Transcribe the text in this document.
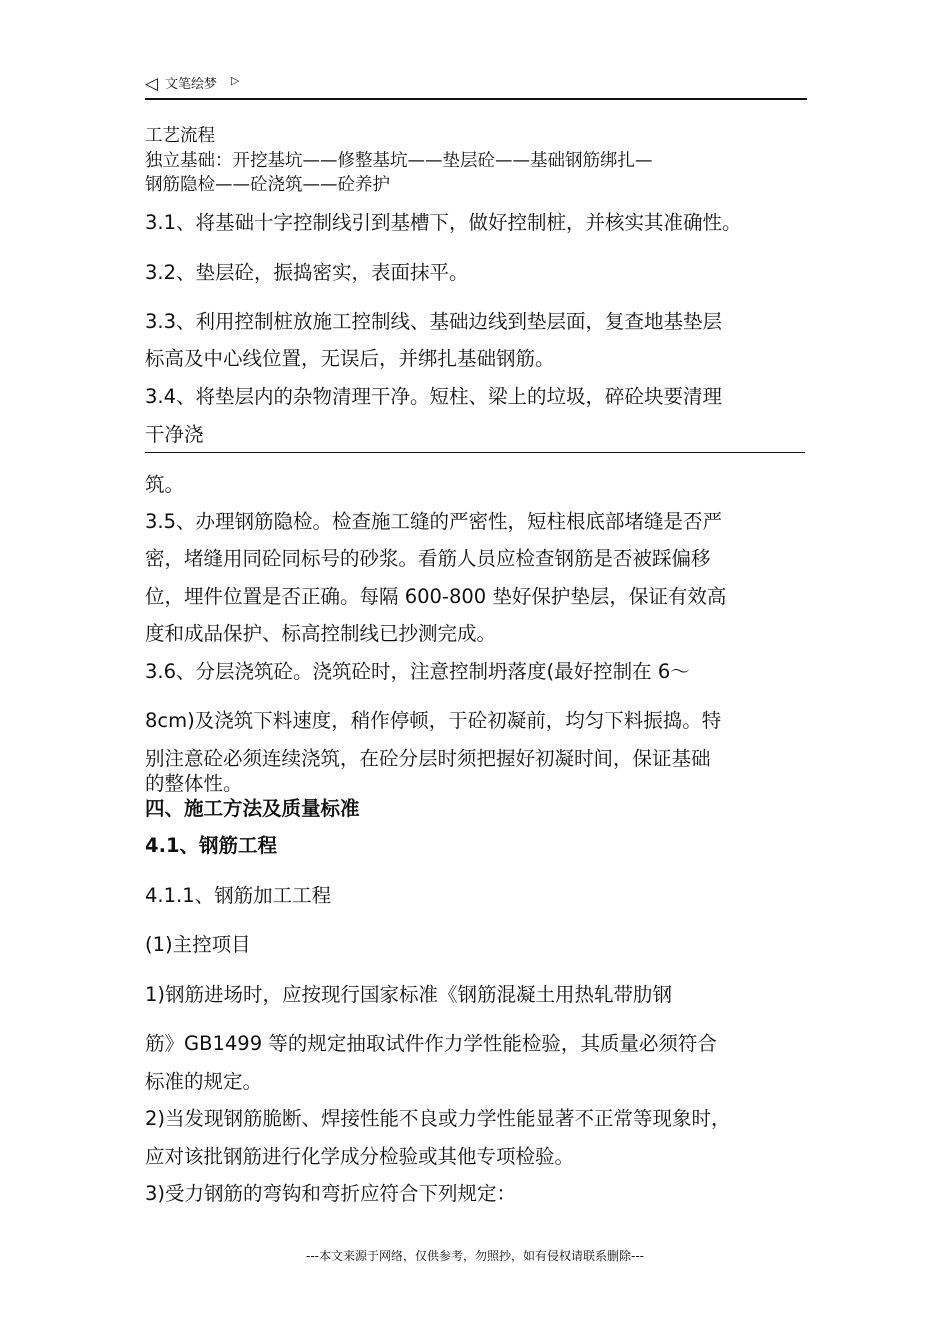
◁ 文笔绘梦 ▷
工艺流程
独立基础：开挖基坑——修整基坑——垫层砼——基础钢筋绑扎—
钢筋隐检——砼浇筑——砼养护
3.1、将基础十字控制线引到基槽下，做好控制桩，并核实其准确性。
3.2、垫层砼，振捣密实，表面抹平。
3.3、利用控制桩放施工控制线、基础边线到垫层面，复查地基垫层
标高及中心线位置，无误后，并绑扎基础钢筋。
3.4、将垫层内的杂物清理干净。短柱、梁上的垃圾，碎砼块要清理
干净浇
筑。
3.5、办理钢筋隐检。检查施工缝的严密性，短柱根底部堵缝是否严
密，堵缝用同砼同标号的砂浆。看筋人员应检查钢筋是否被踩偏移
位，埋件位置是否正确。每隔 600-800 垫好保护垫层，保证有效高
度和成品保护、标高控制线已抄测完成。
3.6、分层浇筑砼。浇筑砼时，注意控制坍落度(最好控制在 6～
8cm)及浇筑下料速度，稍作停顿，于砼初凝前，均匀下料振捣。特
别注意砼必须连续浇筑，在砼分层时须把握好初凝时间，保证基础
的整体性。
四、施工方法及质量标准
4.1、钢筋工程
4.1.1、钢筋加工工程
(1)主控项目
1)钢筋进场时，应按现行国家标准《钢筋混凝土用热轧带肋钢
筋》GB1499 等的规定抽取试件作力学性能检验，其质量必须符合
标准的规定。
2)当发现钢筋脆断、焊接性能不良或力学性能显著不正常等现象时，
应对该批钢筋进行化学成分检验或其他专项检验。
3)受力钢筋的弯钩和弯折应符合下列规定：
---本文来源于网络，仅供参考，勿照抄，如有侵权请联系删除---
